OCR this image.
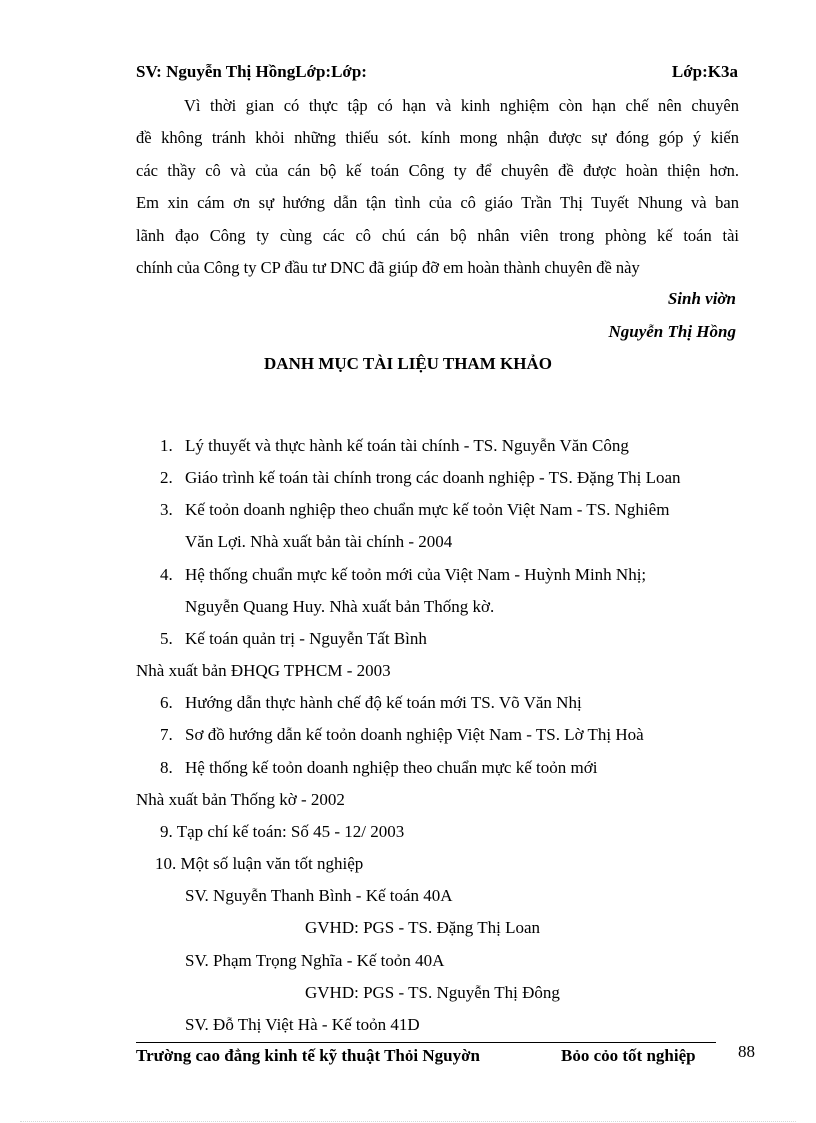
SV: Nguyễn Thị HồngLớp:Lớp:	Lớp:K3a
Vì thời gian có thực tập có hạn và kinh nghiệm còn hạn chế nên chuyên
đề không tránh khỏi những thiếu sót. kính mong nhận được sự đóng góp ý kiến
các thầy cô và của cán bộ kế toán Công ty để chuyên đề được hoàn thiện hơn.
Em xin cám ơn sự hướng dẫn tận tình của cô giáo Trần Thị Tuyết Nhung và ban
lãnh đạo Công ty cùng các cô chú cán bộ nhân viên trong phòng kế toán tài
chính của Công ty CP đầu tư DNC đã giúp đỡ em hoàn thành chuyên đề này
Sinh viờn
Nguyễn Thị Hồng
DANH MỤC TÀI LIỆU THAM KHẢO
1. Lý thuyết và thực hành kế toán tài chính - TS. Nguyễn Văn Công
2. Giáo trình kế toán tài chính trong các doanh nghiệp - TS. Đặng Thị Loan
3. Kế toỏn doanh nghiệp theo chuẩn mực kế toỏn Việt Nam - TS. Nghiêm
Văn Lợi. Nhà xuất bản tài chính - 2004
4. Hệ thống chuẩn mực kế toỏn mới của Việt Nam - Huỳnh Minh Nhị;
Nguyễn Quang Huy. Nhà xuất bản Thống kờ.
5. Kế toán quản trị - Nguyễn Tất Bình
Nhà xuất bản ĐHQG TPHCM - 2003
6. Hướng dẫn thực hành chế độ kế toán mới TS. Võ Văn Nhị
7. Sơ đồ hướng dẫn kế toỏn doanh nghiệp Việt Nam - TS. Lờ Thị Hoà
8. Hệ thống kế toỏn doanh nghiệp theo chuẩn mực kế toỏn mới
Nhà xuất bản Thống kờ - 2002
9. Tạp chí kế toán: Số 45 - 12/ 2003
10. Một số luận văn tốt nghiệp
SV. Nguyễn Thanh Bình - Kế toán 40A
GVHD: PGS - TS. Đặng Thị Loan
SV. Phạm Trọng Nghĩa - Kế toỏn 40A
GVHD: PGS - TS. Nguyễn Thị Đông
SV. Đỗ Thị Việt Hà - Kế toỏn 41D
Trường cao đẳng kinh tế kỹ thuật Thỏi Nguyờn	Bỏo cỏo tốt nghiệp 88
